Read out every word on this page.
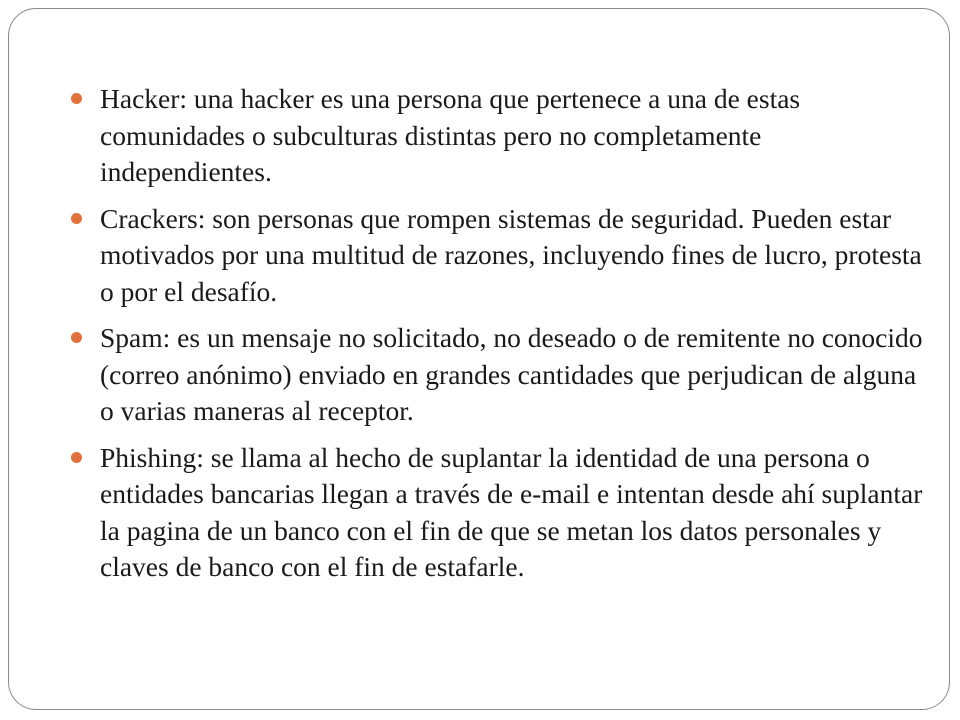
Hacker: una hacker es una persona que pertenece a una de estas comunidades o subculturas distintas pero no completamente independientes.
Crackers: son personas que rompen sistemas de seguridad. Pueden estar motivados por una multitud de razones, incluyendo fines de lucro, protesta o por el desafío.
Spam: es un mensaje no solicitado, no deseado o de remitente no conocido (correo anónimo) enviado en grandes cantidades que perjudican de alguna o varias maneras al receptor.
Phishing: se llama al hecho de suplantar la identidad de una persona o entidades bancarias llegan a través de e-mail e intentan desde ahí suplantar la pagina de un banco con el fin de que se metan los datos personales y claves de banco con el fin de estafarle.
